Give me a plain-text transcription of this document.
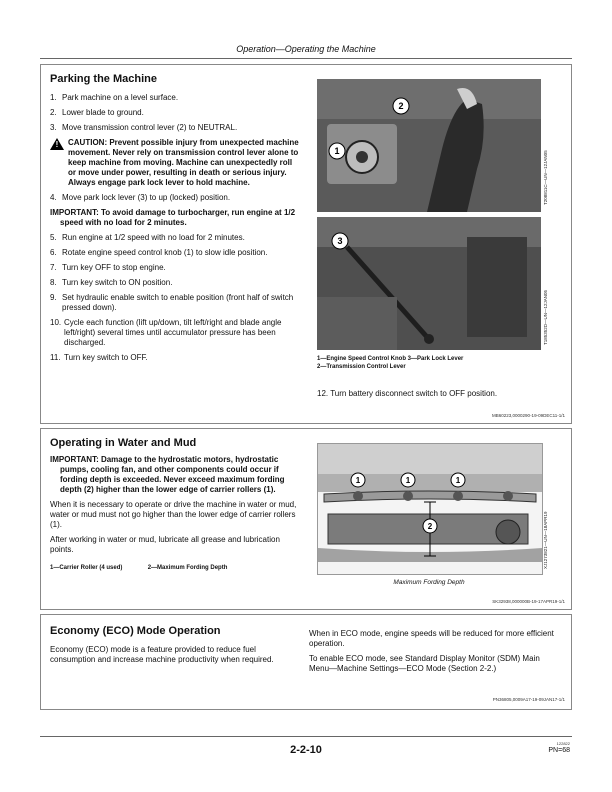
Operation—Operating the Machine
Parking the Machine
1. Park machine on a level surface.
2. Lower blade to ground.
3. Move transmission control lever (2) to NEUTRAL.
!	CAUTION: Prevent possible injury from unexpected machine movement. Never rely on transmission control lever alone to keep machine from moving. Machine can unexpectedly roll or move under power, resulting in death or serious injury. Always engage park lock lever to hold machine.
4. Move park lock lever (3) to up (locked) position.
IMPORTANT: To avoid damage to turbocharger, run engine at 1/2 speed with no load for 2 minutes.
5. Run engine at 1/2 speed with no load for 2 minutes.
6. Rotate engine speed control knob (1) to slow idle position.
7. Turn key OFF to stop engine.
8. Turn key switch to ON position.
9. Set hydraulic enable switch to enable position (front half of switch pressed down).
10. Cycle each function (lift up/down, tilt left/right and blade angle left/right) several times until accumulator pressure has been discharged.
11. Turn key switch to OFF.
1
2
T208811C—UN—12JAN05
3
T185352D—UN—12JAN05
1—Engine Speed Control Knob 3—Park Lock Lever
2—Transmission Control Lever
12. Turn battery disconnect switch to OFF position.
MB60223,0000290-19-09DEC11-1/1
Operating in Water and Mud
IMPORTANT: Damage to the hydrostatic motors, hydrostatic pumps, cooling fan, and other components could occur if fording depth is exceeded. Never exceed maximum fording depth (2) higher than the lower edge of carrier rollers (1).
When it is necessary to operate or drive the machine in water or mud, water or mud must not go higher than the lower edge of carrier rollers (1).
After working in water or mud, lubricate all grease and lubrication points.
1—Carrier Roller (4 used)	2—Maximum Fording Depth
1	1	1
2	XJ1273821—UN—18APR19
Maximum Fording Depth
SK32938,000000B-19-17APR19-1/1
Economy (ECO) Mode Operation
Economy (ECO) mode is a feature provided to reduce fuel consumption and increase machine productivity when required.
When in ECO mode, engine speeds will be reduced for more efficient operation.
To enable ECO mode, see Standard Display Monitor (SDM) Main Menu—Machine Settings—ECO Mode (Section 2-2.)
PN36805,0009A17-19-09JAN17-1/1
2-2-10
122822
PN=68
